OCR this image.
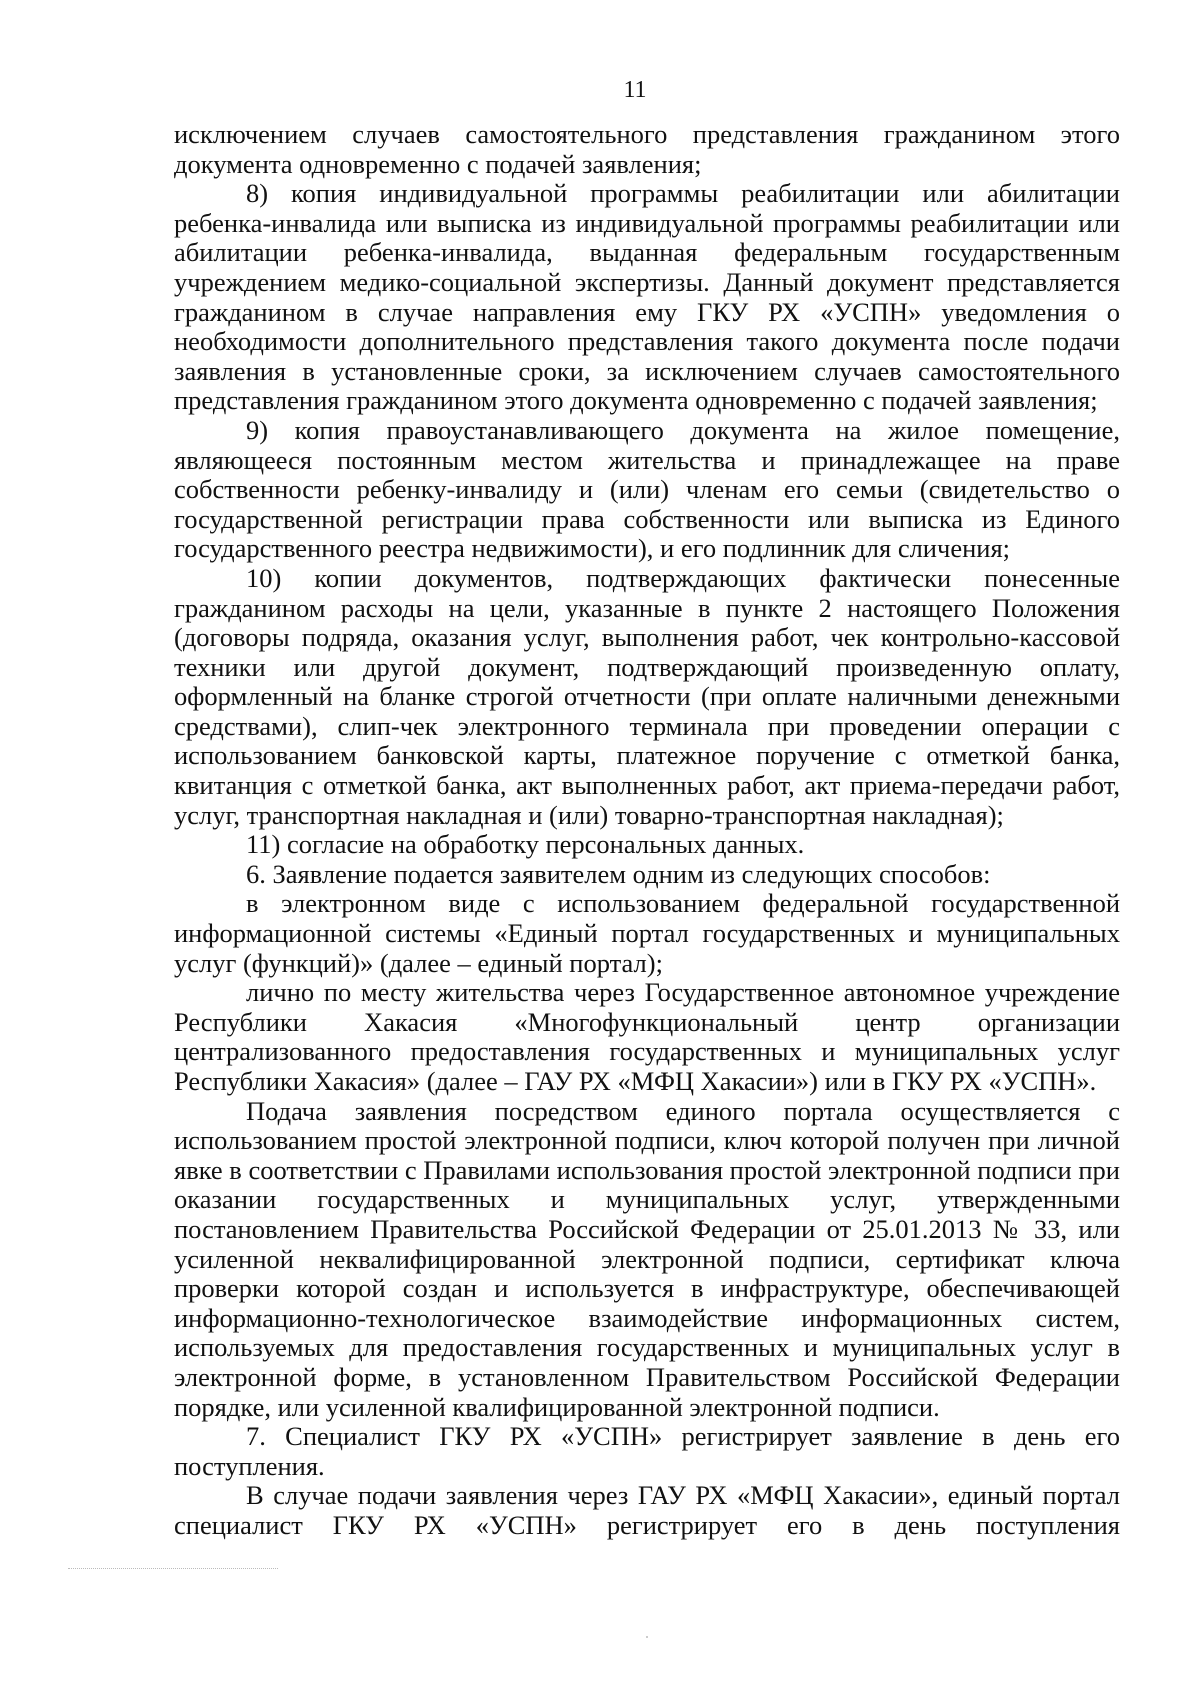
11

исключением случаев самостоятельного представления гражданином этого документа одновременно с подачей заявления;

8) копия индивидуальной программы реабилитации или абилитации ребенка-инвалида или выписка из индивидуальной программы реабилитации или абилитации ребенка-инвалида, выданная федеральным государственным учреждением медико-социальной экспертизы. Данный документ представляется гражданином в случае направления ему ГКУ РХ «УСПН» уведомления о необходимости дополнительного представления такого документа после подачи заявления в установленные сроки, за исключением случаев самостоятельного представления гражданином этого документа одновременно с подачей заявления;

9) копия правоустанавливающего документа на жилое помещение, являющееся постоянным местом жительства и принадлежащее на праве собственности ребенку-инвалиду и (или) членам его семьи (свидетельство о государственной регистрации права собственности или выписка из Единого государственного реестра недвижимости), и его подлинник для сличения;

10) копии документов, подтверждающих фактически понесенные гражданином расходы на цели, указанные в пункте 2 настоящего Положения (договоры подряда, оказания услуг, выполнения работ, чек контрольно-кассовой техники или другой документ, подтверждающий произведенную оплату, оформленный на бланке строгой отчетности (при оплате наличными денежными средствами), слип-чек электронного терминала при проведении операции с использованием банковской карты, платежное поручение с отметкой банка, квитанция с отметкой банка, акт выполненных работ, акт приема-передачи работ, услуг, транспортная накладная и (или) товарно-транспортная накладная);

11) согласие на обработку персональных данных.

6. Заявление подается заявителем одним из следующих способов:

в электронном виде с использованием федеральной государственной информационной системы «Единый портал государственных и муниципальных услуг (функций)» (далее – единый портал);

лично по месту жительства через Государственное автономное учреждение Республики Хакасия «Многофункциональный центр организации централизованного предоставления государственных и муниципальных услуг Республики Хакасия» (далее – ГАУ РХ «МФЦ Хакасии») или в ГКУ РХ «УСПН».

Подача заявления посредством единого портала осуществляется с использованием простой электронной подписи, ключ которой получен при личной явке в соответствии с Правилами использования простой электронной подписи при оказании государственных и муниципальных услуг, утвержденными постановлением Правительства Российской Федерации от 25.01.2013 № 33, или усиленной неквалифицированной электронной подписи, сертификат ключа проверки которой создан и используется в инфраструктуре, обеспечивающей информационно-технологическое взаимодействие информационных систем, используемых для предоставления государственных и муниципальных услуг в электронной форме, в установленном Правительством Российской Федерации порядке, или усиленной квалифицированной электронной подписи.

7. Специалист ГКУ РХ «УСПН» регистрирует заявление в день его поступления.

В случае подачи заявления через ГАУ РХ «МФЦ Хакасии», единый портал специалист ГКУ РХ «УСПН» регистрирует его в день поступления
